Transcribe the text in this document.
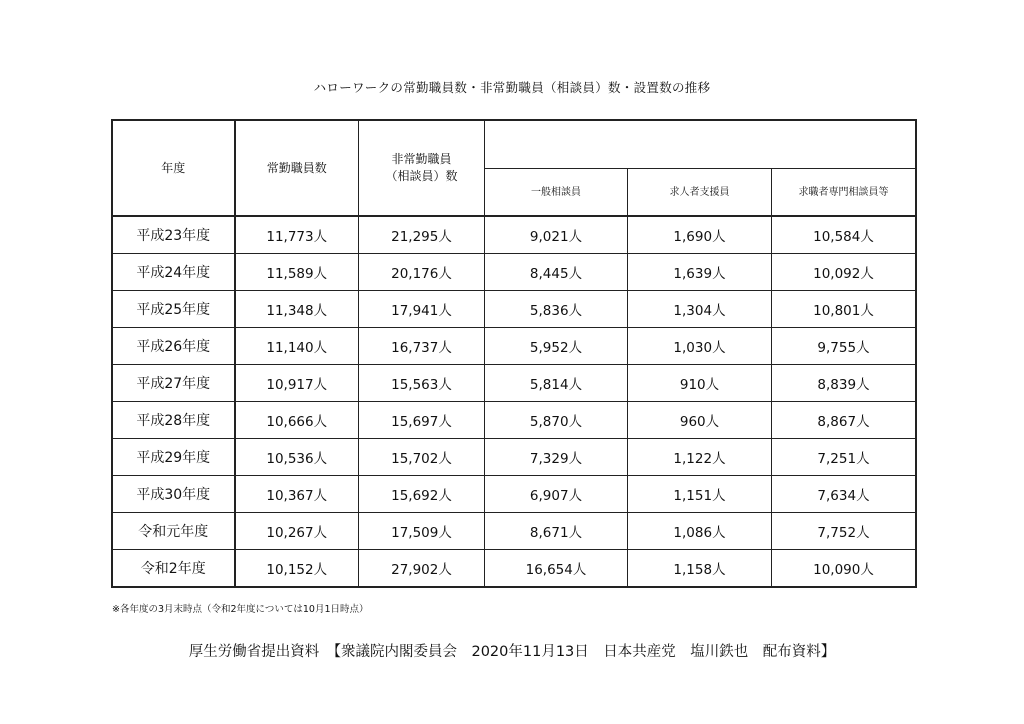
ハローワークの常勤職員数・非常勤職員（相談員）数・設置数の推移
年度	常勤職員数	非常勤職員
（相談員）数			
			一般相談員	求人者支援員	求職者専門相談員等
平成23年度	11,773人	21,295人	9,021人	1,690人	10,584人
平成24年度	11,589人	20,176人	8,445人	1,639人	10,092人
平成25年度	11,348人	17,941人	5,836人	1,304人	10,801人
平成26年度	11,140人	16,737人	5,952人	1,030人	9,755人
平成27年度	10,917人	15,563人	5,814人	910人	8,839人
平成28年度	10,666人	15,697人	5,870人	960人	8,867人
平成29年度	10,536人	15,702人	7,329人	1,122人	7,251人
平成30年度	10,367人	15,692人	6,907人	1,151人	7,634人
令和元年度	10,267人	17,509人	8,671人	1,086人	7,752人
令和2年度	10,152人	27,902人	16,654人	1,158人	10,090人
※各年度の3月末時点（令和2年度については10月1日時点）
厚生労働省提出資料　【衆議院内閣委員会　2020年11月13日　日本共産党　塩川鉄也　配布資料】
